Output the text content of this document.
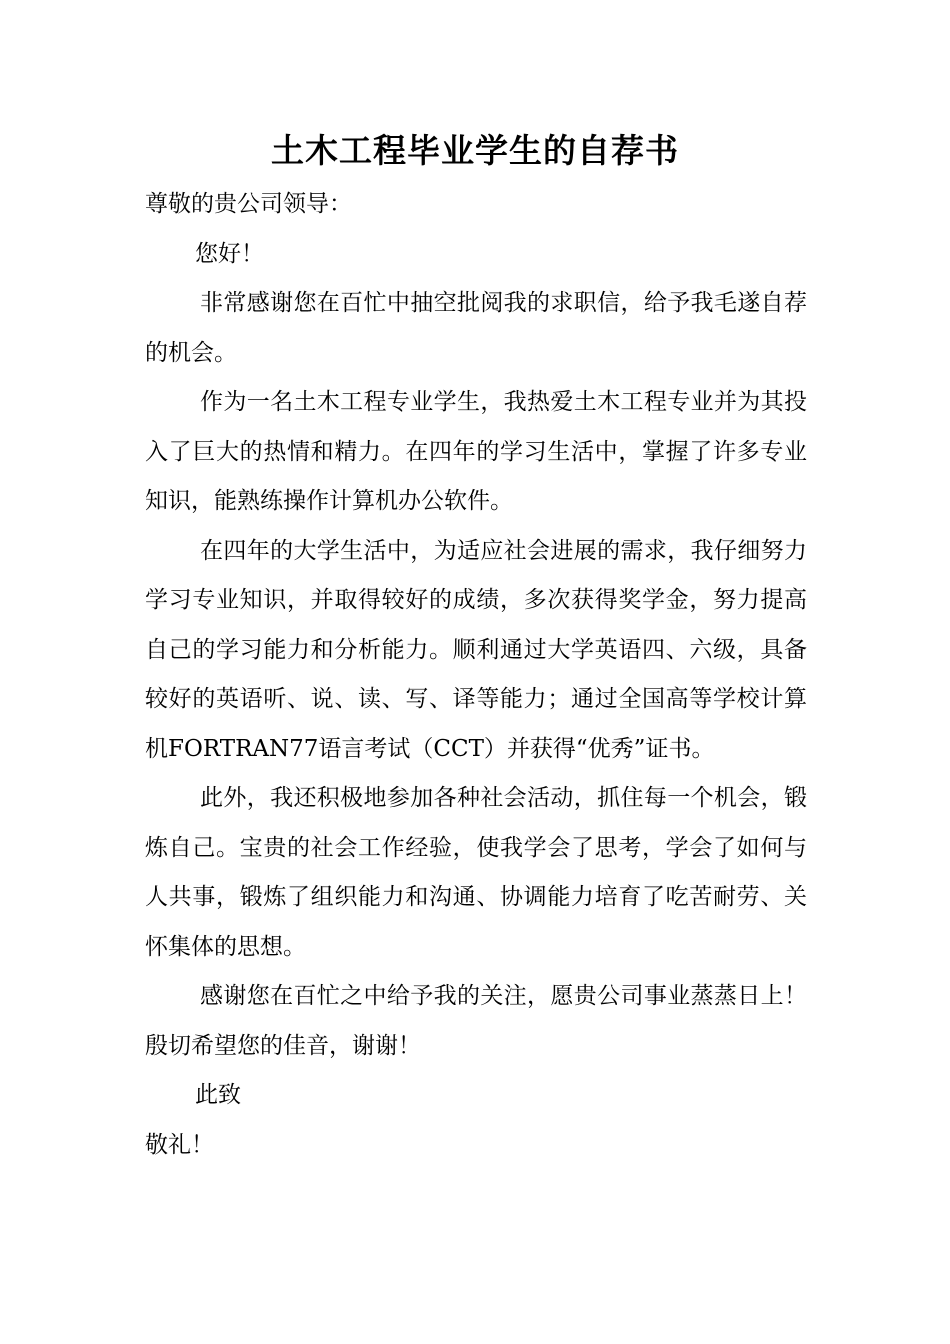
土木工程毕业学生的自荐书

尊敬的贵公司领导：

您好！

非常感谢您在百忙中抽空批阅我的求职信，给予我毛遂自荐的机会。

作为一名土木工程专业学生，我热爱土木工程专业并为其投入了巨大的热情和精力。在四年的学习生活中，掌握了许多专业知识，能熟练操作计算机办公软件。

在四年的大学生活中，为适应社会进展的需求，我仔细努力学习专业知识，并取得较好的成绩，多次获得奖学金，努力提高自己的学习能力和分析能力。顺利通过大学英语四、六级，具备较好的英语听、说、读、写、译等能力；通过全国高等学校计算机FORTRAN77语言考试（CCT）并获得“优秀”证书。

此外，我还积极地参加各种社会活动，抓住每一个机会，锻炼自己。宝贵的社会工作经验，使我学会了思考，学会了如何与人共事，锻炼了组织能力和沟通、协调能力培育了吃苦耐劳、关怀集体的思想。

感谢您在百忙之中给予我的关注，愿贵公司事业蒸蒸日上！殷切希望您的佳音，谢谢！

此致

敬礼！
